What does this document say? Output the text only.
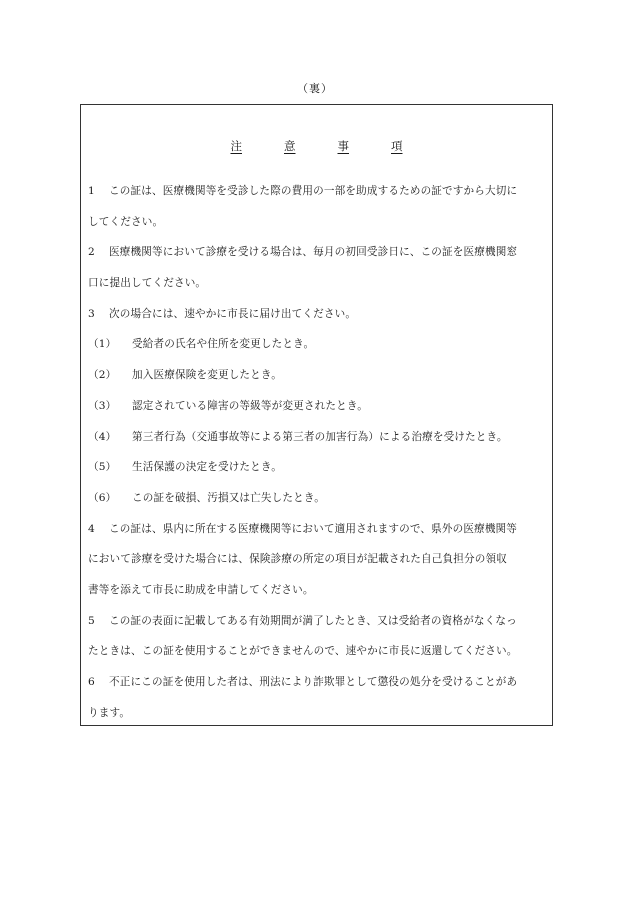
（裏）
注	意	事	項
1 この証は、医療機関等を受診した際の費用の一部を助成するための証ですから大切に
してください。
2 医療機関等において診療を受ける場合は、毎月の初回受診日に、この証を医療機関窓
口に提出してください。
3 次の場合には、速やかに市長に届け出てください。
（1） 受給者の氏名や住所を変更したとき。
（2） 加入医療保険を変更したとき。
（3） 認定されている障害の等級等が変更されたとき。
（4） 第三者行為（交通事故等による第三者の加害行為）による治療を受けたとき。
（5） 生活保護の決定を受けたとき。
（6） この証を破損、汚損又は亡失したとき。
4 この証は、県内に所在する医療機関等において適用されますので、県外の医療機関等
において診療を受けた場合には、保険診療の所定の項目が記載された自己負担分の領収
書等を添えて市長に助成を申請してください。
5 この証の表面に記載してある有効期間が満了したとき、又は受給者の資格がなくなっ
たときは、この証を使用することができませんので、速やかに市長に返還してください。
6 不正にこの証を使用した者は、刑法により詐欺罪として懲役の処分を受けることがあ
ります。
